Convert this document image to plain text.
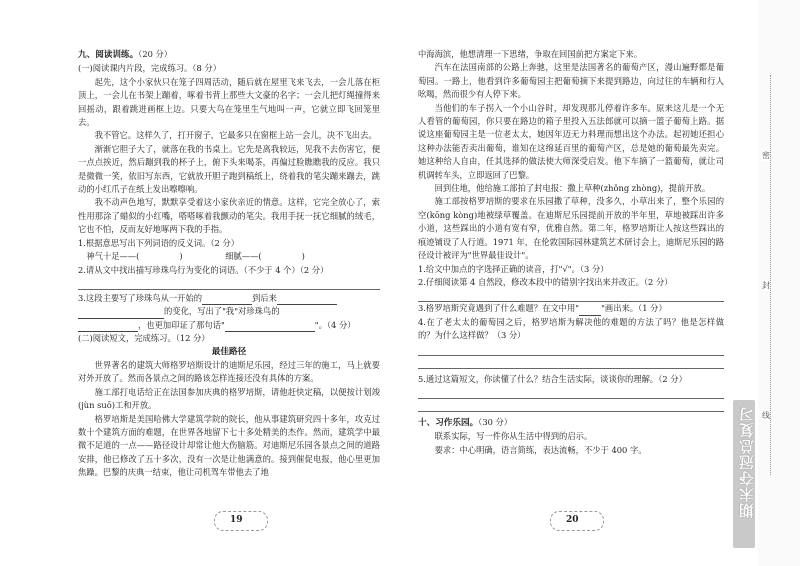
九、阅读训练。（20 分）

(一)阅读课内片段，完成练习。（8 分）

起先，这个小家伙只在笼子四周活动，随后就在屋里飞来飞去，一会儿落在柜顶上，一会儿在书架上蹦着，啄着书背上那些大文豪的名字；一会儿把灯绳撞得来回摇动，跟着跳进画框上边。只要大鸟在笼里生气地叫一声，它就立即飞回笼里去。

我不管它。这样久了，打开窗子，它最多只在窗框上站一会儿，决不飞出去。

渐渐它胆子大了，就落在我的书桌上。它先是离我较远，见我不去伤害它，便一点点挨近，然后蹦到我的杯子上，俯下头来喝茶，再偏过脸瞧瞧我的反应。我只是微微一笑，依旧写东西，它就放开胆子跑到稿纸上，绕着我的笔尖蹦来蹦去，跳动的小红爪子在纸上发出嚓嚓响。

我不动声色地写，默默享受着这小家伙亲近的情意。这样，它完全放心了，索性用那涂了蜡似的小红嘴，嗒嗒啄着我颤动的笔尖。我用手抚一抚它细腻的绒毛，它也不怕，反而友好地啄两下我的手指。

1.根据意思写出下列词语的反义词。（2 分）

神气十足——(	)	细腻——(	)

2.请从文中找出描写珍珠鸟行为变化的词语。（不少于 4 个）（2 分）

3.这段主要写了珍珠鸟从一开始的	到后来

的变化，写出了"我"对珍珠鸟的

，也更加印证了那句话"	"。（4 分）

(二)阅读短文，完成练习。（12 分）

最佳路径

世界著名的建筑大师格罗培斯设计的迪斯尼乐园，经过三年的施工，马上就要对外开放了。然而各景点之间的路该怎样连接还没有具体的方案。

施工部打电话给正在法国参加庆典的格罗培斯，请他赶快定稿，以便按计划竣(jùn suō)工和开放。

格罗培斯是美国哈佛大学建筑学院的院长，他从事建筑研究四十多年，攻克过数十个建筑方面的难题，在世界各地留下七十多处精美的杰作。然而，建筑学中最微不足道的一点——路径设计却常让他大伤脑筋。对迪斯尼乐园各景点之间的道路安排，他已修改了五十多次，没有一次是让他满意的。接到催促电报，他心里更加焦躁。巴黎的庆典一结束，他让司机驾车带他去了地

19

中海海滨，他想清理一下思绪，争取在回国前把方案定下来。

汽车在法国南部的公路上奔驰，这里是法国著名的葡萄产区，漫山遍野都是葡萄园。一路上，他看到许多葡萄园主把葡萄摘下来提到路边，向过往的车辆和行人吆喝，然而很少有人停下来。

当他们的车子拐入一个小山谷时，却发现那儿停着许多车。原来这儿是一个无人看管的葡萄园，你只要在路边的箱子里投入五法郎就可以摘一篮子葡萄上路。据说这座葡萄园主是一位老太太，她因年迈无力料理而想出这个办法。起初她还担心这种办法能否卖出葡萄，谁知在这绵延百里的葡萄产区，总是她的葡萄最先卖完。她这种给人自由，任其选择的做法使大师深受启发。他下车摘了一篮葡萄，就让司机调转车头，立即返回了巴黎。

回到住地，他给施工部拍了封电报：撒上草种(zhǒng zhòng)，提前开放。

施工部按格罗培斯的要求在乐园撒了草种，没多久，小草出来了，整个乐园的空(kōng kòng)地被绿草覆盖。在迪斯尼乐园提前开放的半年里，草地被踩出许多小道，这些踩出的小道有宽有窄，优雅自然。第二年，格罗培斯让人按这些踩出的痕迹铺设了人行道。1971 年，在伦敦国际园林建筑艺术研讨会上，迪斯尼乐园的路径设计被评为"世界最佳设计"。

1.给文中加点的字选择正确的读音，打"√"。（3 分）

2.仔细阅读第 4 自然段，修改本段中的错别字找出来并改正。（2 分）

3.格罗培斯究竟遇到了什么难题？在文中用"	"画出来。（1 分）

4.在了老太太的葡萄园之后，格罗培斯为解决他的难题的方法了吗？他是怎样做的？为什么这样做？（3 分）

5.通过这篇短文，你读懂了什么？结合生活实际，谈谈你的理解。（2 分）

十、习作乐园。（30 分）

联系实际，写一件你从生活中得到的启示。

要求：中心明确，语言简练，表达流畅，不少于 400 字。

20
密
封
线
期末夺冠总复习
